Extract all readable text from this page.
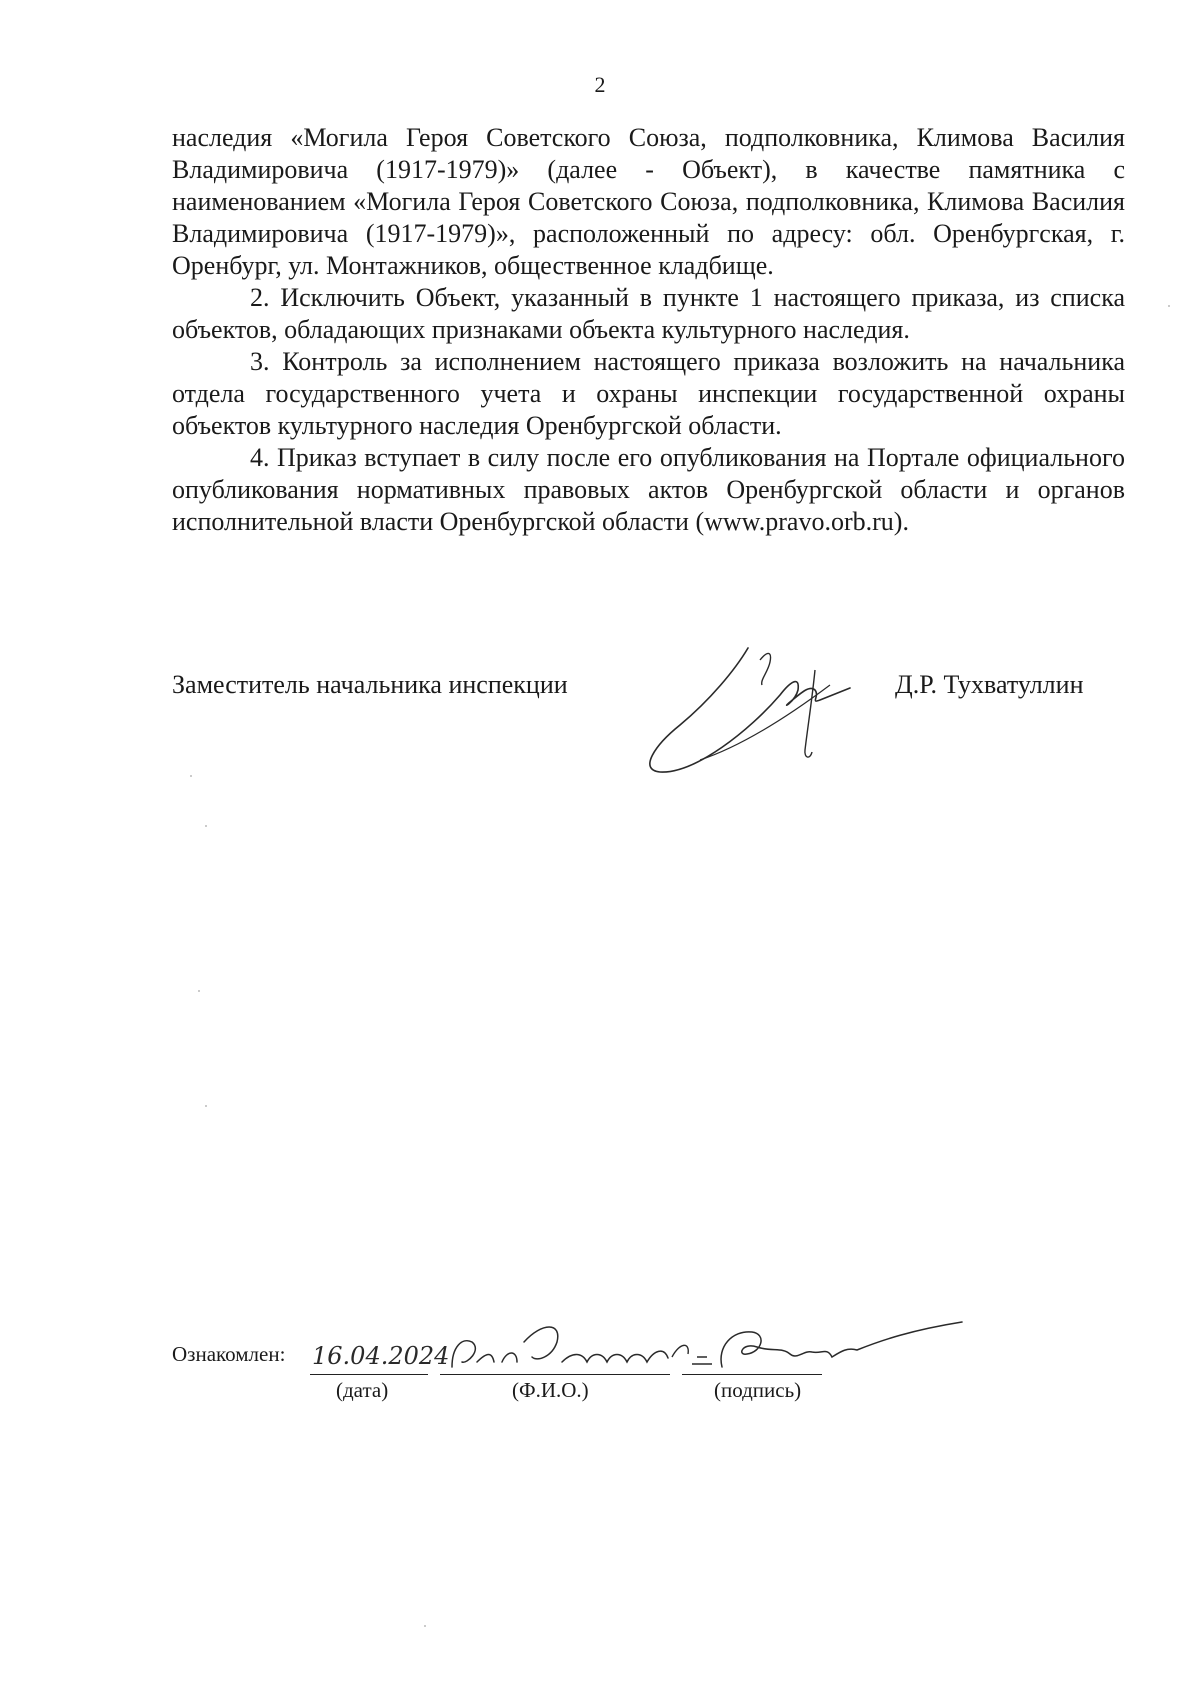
2

наследия «Могила Героя Советского Союза, подполковника, Климова Василия Владимировича (1917-1979)» (далее - Объект), в качестве памятника с наименованием «Могила Героя Советского Союза, подполковника, Климова Василия Владимировича (1917-1979)», расположенный по адресу: обл. Оренбургская, г. Оренбург, ул. Монтажников, общественное кладбище.

2. Исключить Объект, указанный в пункте 1 настоящего приказа, из списка объектов, обладающих признаками объекта культурного наследия.

3. Контроль за исполнением настоящего приказа возложить на начальника отдела государственного учета и охраны инспекции государственной охраны объектов культурного наследия Оренбургской области.

4. Приказ вступает в силу после его опубликования на Портале официального опубликования нормативных правовых актов Оренбургской области и органов исполнительной власти Оренбургской области (www.pravo.orb.ru).

Заместитель начальника инспекции	Д.Р. Тухватуллин
Ознакомлен:
(дата)	(Ф.И.О.)	(подпись)
16.04.2024
